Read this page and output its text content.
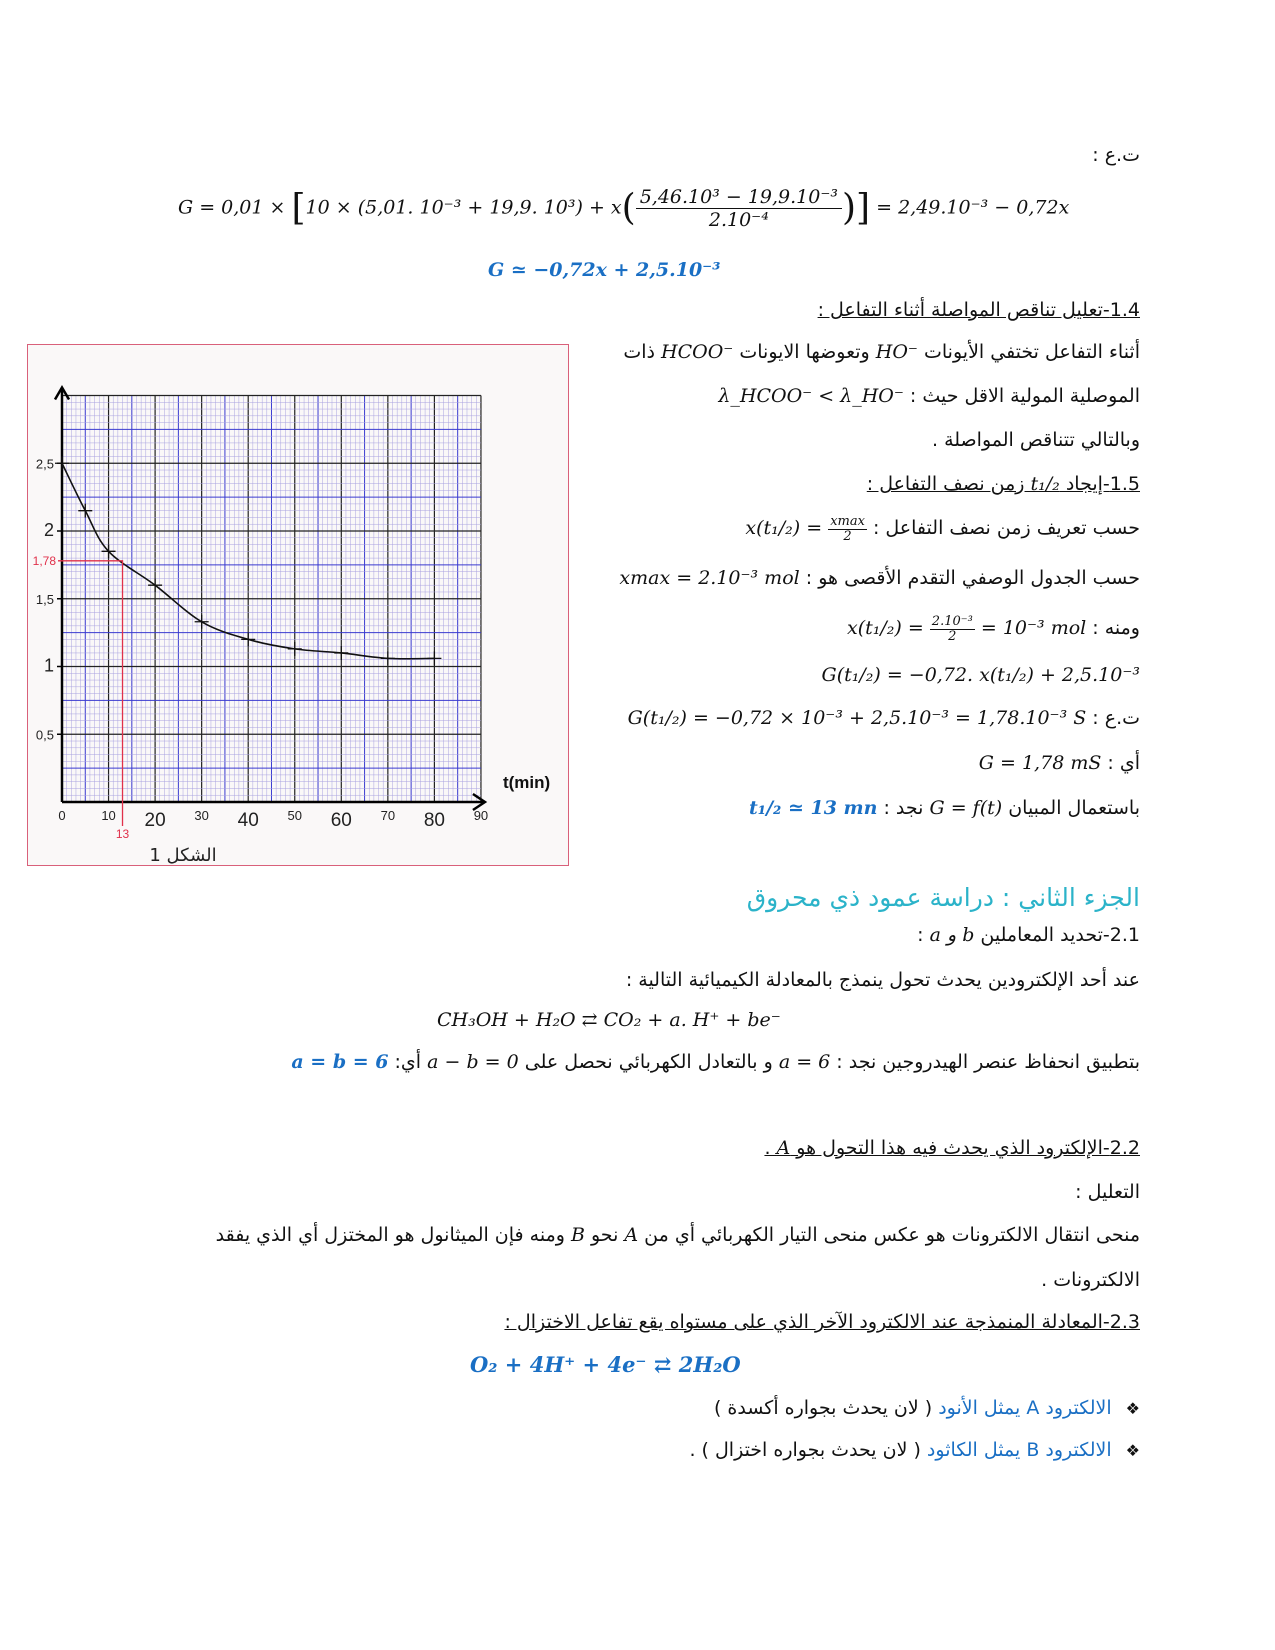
ت.ع :
G = 0,01 × [10 × (5,01. 10⁻³ + 19,9. $10^3) + x( \frac{\text{5,46.10³ − 19,9.10⁻³}}{\text{2.10⁻⁴}})] = 2,49.10^{-3} - 0,72x$
G ≃ −0,72x + 2,5.10⁻³
1.4-تعليل تناقص المواصلة أثناء التفاعل :
أثناء التفاعل تختفي الأيونات HO⁻ وتعوضها الايونات HCOO⁻ ذات
الموصلية المولية الاقل حيث : λ_HCOO⁻ < λ_HO⁻
وبالتالي تتناقص المواصلة .
1.5-إيجاد t₁/₂ زمن نصف التفاعل :
حسب تعريف زمن نصف التفاعل : $x(t_1/_2) = \frac{xmax}{2}$
حسب الجدول الوصفي التقدم الأقصى هو : xmax = 2.10⁻³ mol
ومنه : $x(t_1/_2) = \frac{\text{2.10⁻³}}{2} = 10^{-3}$ mol
G(t₁/₂) = −0,72. x(t₁/₂) + 2,5.10⁻³
ت.ع : G(t₁/₂) = −0,72 × 10⁻³ + 2,5.10⁻³ = 1,78.10⁻³ S
أي : G = 1,78 mS
باستعمال المبيان G = f(t) نجد : t₁/₂ ≃ 13 mn
0	10 20 30 40 50 60 70 80 90
0,5
1
1,5
2
2,5
t(min)
1,78
13
الشكل 1
الجزء الثاني : دراسة عمود ذي محروق
2.1-تحديد المعاملين a و b :
عند أحد الإلكترودين يحدث تحول ينمذج بالمعادلة الكيميائية التالية :
CH₃OH + H₂O ⇄ CO₂ + a. H⁺ + be⁻
بتطبيق انحفاظ عنصر الهيدروجين نجد : a = 6 و بالتعادل الكهربائي نحصل على a − b = 0 أي: a = b = 6
2.2-الإلكترود الذي يحدث فيه هذا التحول هو A .
التعليل :
منحى انتقال الالكترونات هو عكس منحى التيار الكهربائي أي من A نحو B ومنه فإن الميثانول هو المختزل أي الذي يفقد
الالكترونات .
2.3-المعادلة المنمذجة عند الالكترود الآخر الذي على مستواه يقع تفاعل الاختزال :
O₂ + 4H⁺ + 4e⁻ ⇄ 2H₂O
❖الالكترود A يمثل الأنود ( لان يحدث بجواره أكسدة )
❖الالكترود B يمثل الكاثود ( لان يحدث بجواره اختزال ) .
